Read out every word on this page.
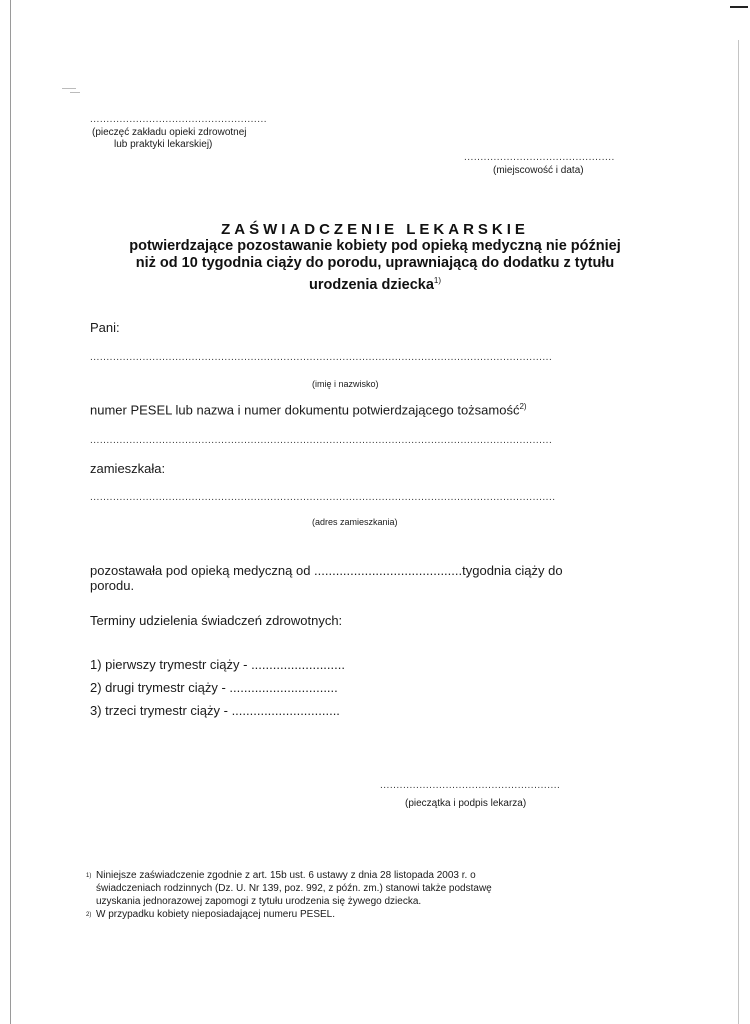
......................................................
(pieczęć zakładu opieki zdrowotnej
lub praktyki lekarskiej)
..............................................
(miejscowość i data)
ZAŚWIADCZENIE LEKARSKIE
potwierdzające pozostawanie kobiety pod opieką medyczną nie później
niż od 10 tygodnia ciąży do porodu, uprawniającą do dodatku z tytułu
urodzenia dziecka$^{1)}$
Pani:
.............................................................................................................................................
(imię i nazwisko)
numer PESEL lub nazwa i numer dokumentu potwierdzającego tożsamość$^{2)}$
.............................................................................................................................................
zamieszkała:
..............................................................................................................................................
(adres zamieszkania)
pozostawała pod opieką medyczną od .........................................tygodnia ciąży do
porodu.
Terminy udzielenia świadczeń zdrowotnych:
1) pierwszy trymestr ciąży - ..........................
2) drugi trymestr ciąży - ..............................
3) trzeci trymestr ciąży - ..............................
.......................................................
(pieczątka i podpis lekarza)
1) Niniejsze zaświadczenie zgodnie z art. 15b ust. 6 ustawy z dnia 28 listopada 2003 r. o
świadczeniach rodzinnych (Dz. U. Nr 139, poz. 992, z późn. zm.) stanowi także podstawę
uzyskania jednorazowej zapomogi z tytułu urodzenia się żywego dziecka.
2) W przypadku kobiety nieposiadającej numeru PESEL.
